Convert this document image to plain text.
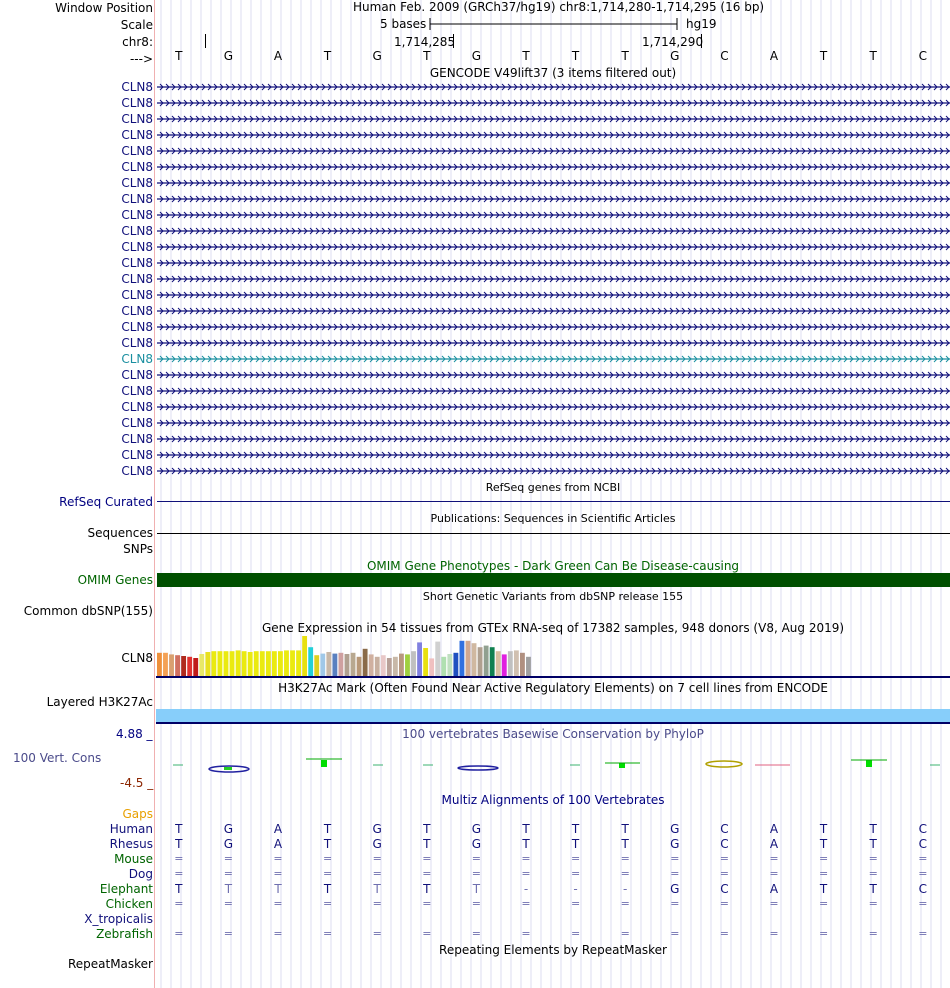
Window Position
Scale
chr8:
--->
Human Feb. 2009 (GRCh37/hg19) chr8:1,714,280-1,714,295 (16 bp)
5 bases	hg19
1,714,285	1,714,290
T	G	A	T	G	T	G	T	T	T	G	C	A	T	T	C
GENCODE V49lift37 (3 items filtered out)
CLN8
CLN8
CLN8
CLN8
CLN8
CLN8
CLN8
CLN8
CLN8
CLN8
CLN8
CLN8
CLN8
CLN8
CLN8
CLN8
CLN8
CLN8
CLN8
CLN8
CLN8
CLN8
CLN8
CLN8
CLN8
RefSeq Curated
RefSeq genes from NCBI
Sequences
SNPs
Publications: Sequences in Scientific Articles
OMIM Genes
OMIM Gene Phenotypes - Dark Green Can Be Disease-causing
Common dbSNP(155)
Short Genetic Variants from dbSNP release 155
Gene Expression in 54 tissues from GTEx RNA-seq of 17382 samples, 948 donors (V8, Aug 2019)
CLN8
H3K27Ac Mark (Often Found Near Active Regulatory Elements) on 7 cell lines from ENCODE
Layered H3K27Ac
100 vertebrates Basewise Conservation by PhyloP
4.88 _
100 Vert. Cons
-4.5 _
Multiz Alignments of 100 Vertebrates
Gaps
Human	T	G	A	T	G	T	G	T	T	T	G	C	A	T	T	C
Rhesus	T	G	A	T	G	T	G	T	T	T	G	C	A	T	T	C
Mouse	=	=	=	=	=	=	=	=	=	=	=	=	=	=	=	=
Dog	=	=	=	=	=	=	=	=	=	=	=	=	=	=	=	=
Elephant	T	T	T	T	T	T	T	-	-	-	G	C	A	T	T	C
Chicken	=	=	=	=	=	=	=	=	=	=	=	=	=	=	=	=
X_tropicalis
Zebrafish	=	=	=	=	=	=	=	=	=	=	=	=	=	=	=	=
Repeating Elements by RepeatMasker
RepeatMasker
